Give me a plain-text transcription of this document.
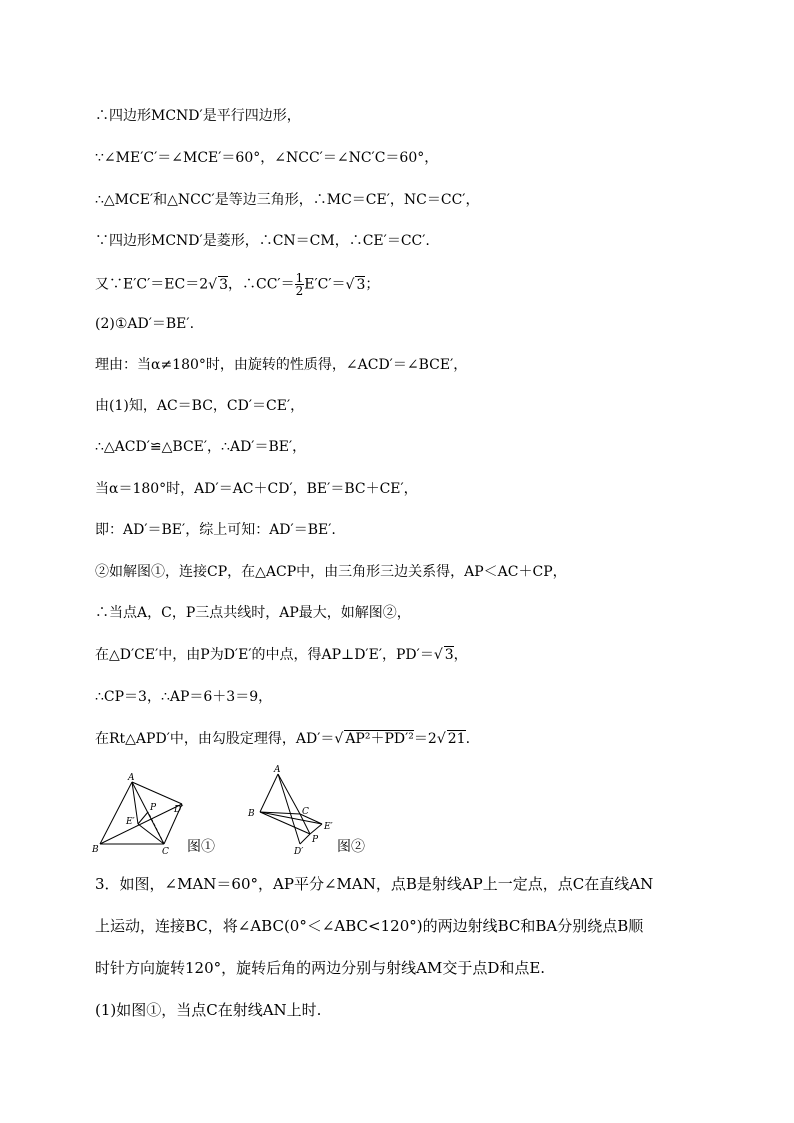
∴四边形MCND′是平行四边形，
∵∠ME′C′＝∠MCE′＝60°，∠NCC′＝∠NC′C＝60°，
∴△MCE′和△NCC′是等边三角形，∴MC＝CE′，NC＝CC′，
∵四边形MCND′是菱形，∴CN＝CM，∴CE′＝CC′.
又∵E′C′＝EC＝2√ 3，∴CC′＝ $\frac{1}{2} E'C'=√$ 3；
(2)①AD′＝BE′.
理由：当α≠180°时，由旋转的性质得，∠ACD′＝∠BCE′，
由(1)知，AC＝BC，CD′＝CE′，
∴△ACD′≌△BCE′，∴AD′＝BE′，
当α＝180°时，AD′＝AC＋CD′，BE′＝BC＋CE′，
即：AD′＝BE′，综上可知：AD′＝BE′.
②如解图①，连接CP，在△ACP中，由三角形三边关系得，AP＜AC＋CP，
∴当点A，C，P三点共线时，AP最大，如解图②，
在△D′CE′中，由P为D′E′的中点，得AP⊥D′E′，PD′＝√ 3，
∴CP＝3，∴AP＝6＋3＝9，
在Rt△APD′中，由勾股定理得，AD′＝√ AP²＋PD′²＝2√ 21.
A
P D′
E′
B	C 图①
A
B	C
E′
P
D′ 图②
3．如图，∠MAN＝60°，AP平分∠MAN，点B是射线AP上一定点，点C在直线AN
上运动，连接BC，将∠ABC(0°＜∠ABC<120°)的两边射线BC和BA分别绕点B顺
时针方向旋转120°，旋转后角的两边分别与射线AM交于点D和点E.
(1)如图①，当点C在射线AN上时.
